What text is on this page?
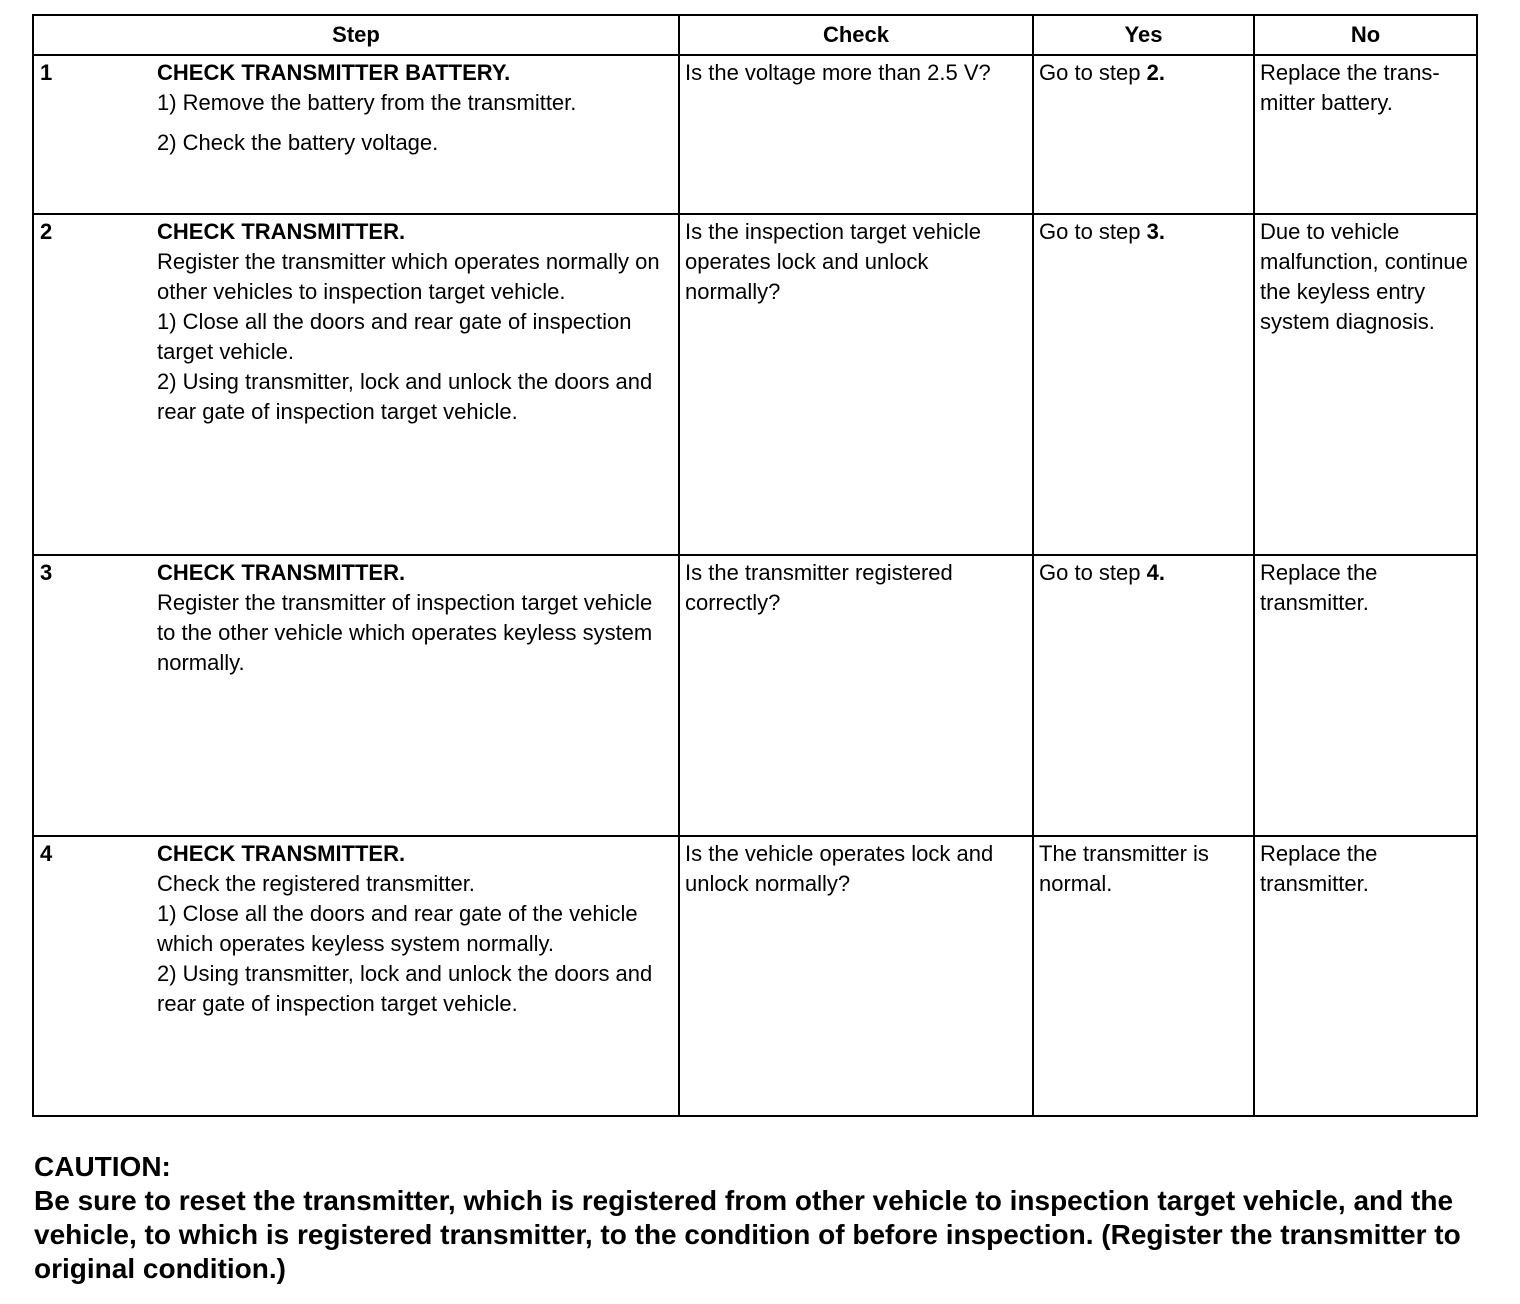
Step	Check	Yes	No

1 CHECK TRANSMITTER BATTERY.
1) Remove the battery from the transmitter.
2) Check the battery voltage.	Is the voltage more than 2.5 V?	Go to step 2.	Replace the trans- mitter battery.

2 CHECK TRANSMITTER.
Register the transmitter which operates normally on other vehicles to inspection target vehicle.
1) Close all the doors and rear gate of inspection target vehicle.
2) Using transmitter, lock and unlock the doors and rear gate of inspection target vehicle.	Is the inspection target vehicle operates lock and unlock normally?	Go to step 3.	Due to vehicle malfunction, continue the keyless entry system diagnosis.

3 CHECK TRANSMITTER.
Register the transmitter of inspection target vehicle to the other vehicle which operates keyless system normally.	Is the transmitter registered correctly?	Go to step 4.	Replace the transmitter.

4 CHECK TRANSMITTER.
Check the registered transmitter.
1) Close all the doors and rear gate of the vehicle which operates keyless system normally.
2) Using transmitter, lock and unlock the doors and rear gate of inspection target vehicle.	Is the vehicle operates lock and unlock normally?	The transmitter is normal.	Replace the transmitter.
CAUTION:
Be sure to reset the transmitter, which is registered from other vehicle to inspection target vehicle, and the vehicle, to which is registered transmitter, to the condition of before inspection. (Register the transmitter to original condition.)
